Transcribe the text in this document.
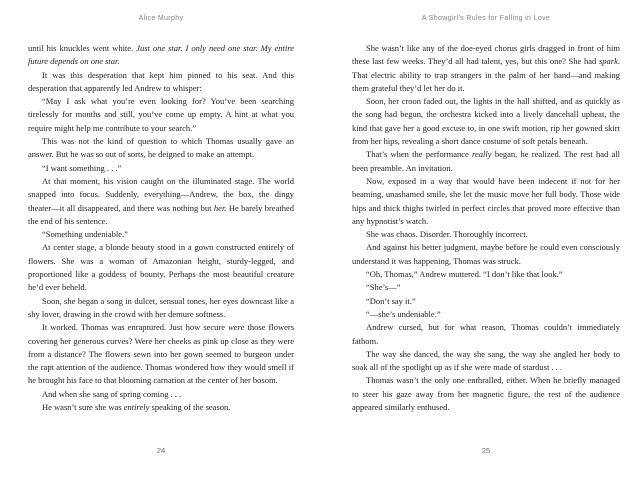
Alice Murphy	A Showgirl’s Rules for Falling in Love

until his knuckles went white. Just one star. I only need one star. My entire future depends on one star.

It was this desperation that kept him pinned to his seat. And this desperation that apparently led Andrew to whisper:

“May I ask what you’re even looking for? You’ve been searching tirelessly for months and still, you’ve come up empty. A hint at what you require might help me contribute to your search.”

This was not the kind of question to which Thomas usually gave an answer. But he was so out of sorts, he deigned to make an attempt.

“I want something . . .”

At that moment, his vision caught on the illuminated stage. The world snapped into focus. Suddenly, everything—Andrew, the box, the dingy theater—it all disappeared, and there was nothing but her. He barely breathed the end of his sentence.

“Something undeniable.”

At center stage, a blonde beauty stood in a gown constructed entirely of flowers. She was a woman of Amazonian height, sturdy-legged, and proportioned like a goddess of bounty. Perhaps the most beautiful creature he’d ever beheld.

Soon, she began a song in dulcet, sensual tones, her eyes downcast like a shy lover, drawing in the crowd with her demure softness.

It worked. Thomas was enraptured. Just how secure were those flowers covering her generous curves? Were her cheeks as pink up close as they were from a distance? The flowers sewn into her gown seemed to burgeon under the rapt attention of the audience. Thomas wondered how they would smell if he brought his face to that blooming carnation at the center of her bosom.

And when she sang of spring coming . . .

He wasn’t sure she was entirely speaking of the season.

She wasn’t like any of the doe-eyed chorus girls dragged in front of him these last few weeks. They’d all had talent, yes, but this one? She had spark. That electric ability to trap strangers in the palm of her hand—and making them grateful they’d let her do it.

Soon, her croon faded out, the lights in the hall shifted, and as quickly as the song had begun, the orchestra kicked into a lively dancehall upbeat, the kind that gave her a good excuse to, in one swift motion, rip her gowned skirt from her hips, revealing a short dance costume of soft petals beneath.

That’s when the performance really began, he realized. The rest had all been preamble. An invitation.

Now, exposed in a way that would have been indecent if not for her beaming, unashamed smile, she let the music move her full body. Those wide hips and thick thighs twirled in perfect circles that proved more effective than any hypnotist’s watch.

She was chaos. Disorder. Thoroughly incorrect.

And against his better judgment, maybe before he could even consciously understand it was happening, Thomas was struck.

“Oh, Thomas,” Andrew muttered. “I don’t like that look.”

“She’s—”

“Don’t say it.”

“—she’s undeniable.”

Andrew cursed, but for what reason, Thomas couldn’t immediately fathom.

The way she danced, the way she sang, the way she angled her body to soak all of the spotlight up as if she were made of stardust . . .

Thomas wasn’t the only one enthralled, either. When he briefly managed to steer his gaze away from her magnetic figure, the rest of the audience appeared similarly enthused.

24	25
